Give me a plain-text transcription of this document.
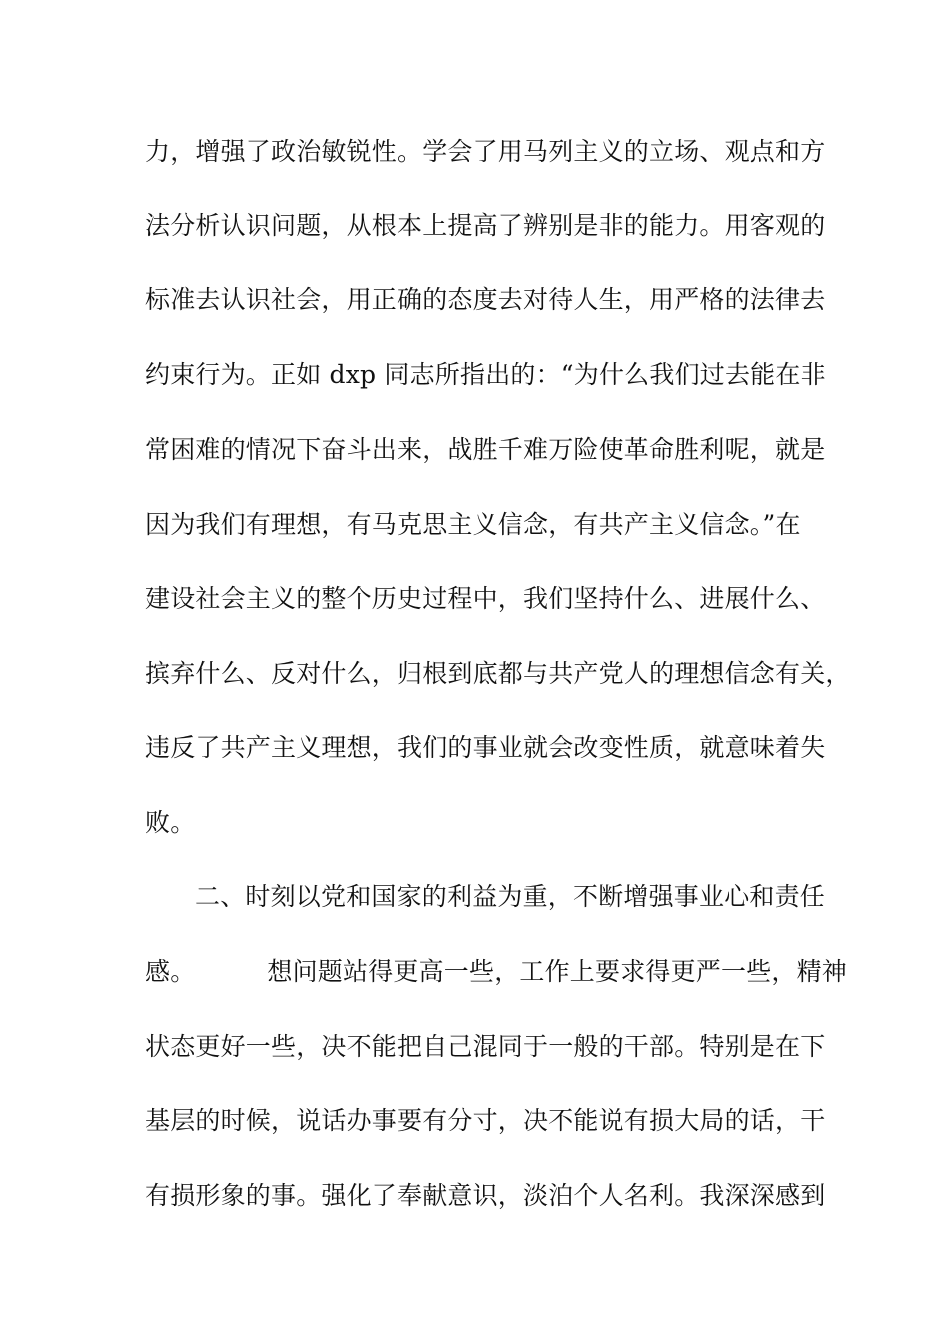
力，增强了政治敏锐性。学会了用马列主义的立场、观点和方
法分析认识问题，从根本上提高了辨别是非的能力。用客观的
标准去认识社会，用正确的态度去对待人生，用严格的法律去
约束行为。正如 dxp 同志所指出的：“为什么我们过去能在非
常困难的情况下奋斗出来，战胜千难万险使革命胜利呢，就是
因为我们有理想，有马克思主义信念，有共产主义信念。”在
建设社会主义的整个历史过程中，我们坚持什么、进展什么、
摈弃什么、反对什么，归根到底都与共产党人的理想信念有关，
违反了共产主义理想，我们的事业就会改变性质，就意味着失
败。
二、时刻以党和国家的利益为重，不断增强事业心和责任
感。	想问题站得更高一些，工作上要求得更严一些，精神
状态更好一些，决不能把自己混同于一般的干部。特别是在下
基层的时候，说话办事要有分寸，决不能说有损大局的话，干
有损形象的事。强化了奉献意识，淡泊个人名利。我深深感到
